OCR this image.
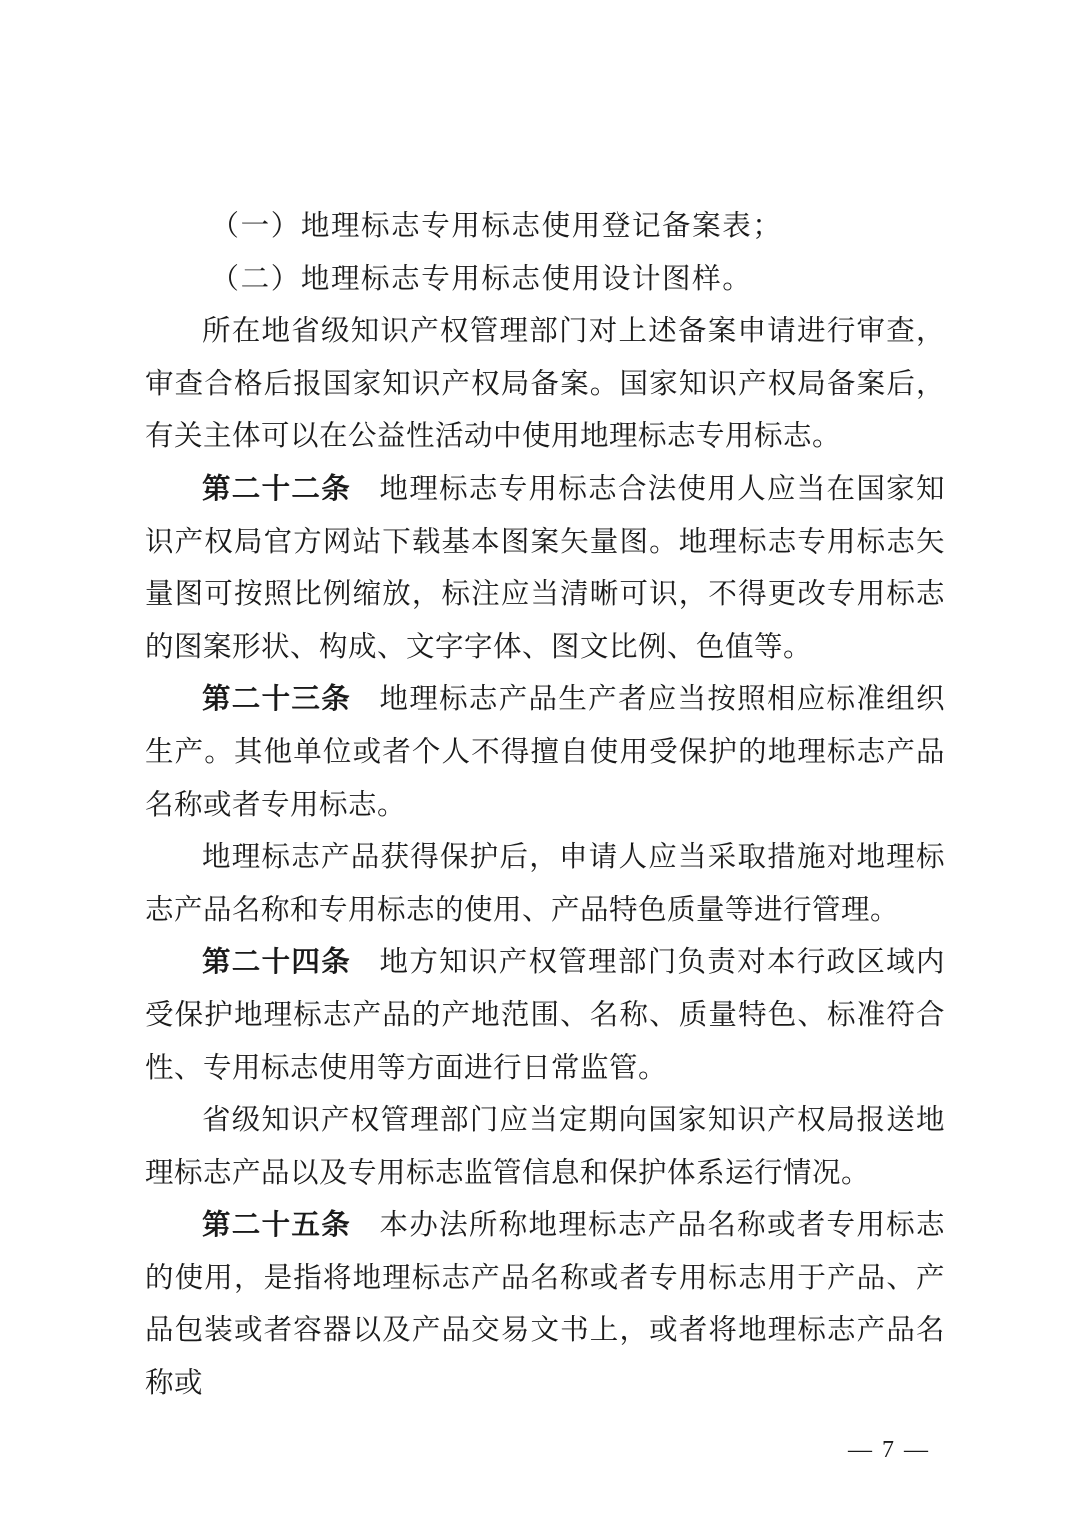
（一）地理标志专用标志使用登记备案表；

（二）地理标志专用标志使用设计图样。

所在地省级知识产权管理部门对上述备案申请进行审查，审查合格后报国家知识产权局备案。国家知识产权局备案后，有关主体可以在公益性活动中使用地理标志专用标志。

第二十二条 地理标志专用标志合法使用人应当在国家知识产权局官方网站下载基本图案矢量图。地理标志专用标志矢量图可按照比例缩放，标注应当清晰可识，不得更改专用标志的图案形状、构成、文字字体、图文比例、色值等。

第二十三条 地理标志产品生产者应当按照相应标准组织生产。其他单位或者个人不得擅自使用受保护的地理标志产品名称或者专用标志。

地理标志产品获得保护后，申请人应当采取措施对地理标志产品名称和专用标志的使用、产品特色质量等进行管理。

第二十四条 地方知识产权管理部门负责对本行政区域内受保护地理标志产品的产地范围、名称、质量特色、标准符合性、专用标志使用等方面进行日常监管。

省级知识产权管理部门应当定期向国家知识产权局报送地理标志产品以及专用标志监管信息和保护体系运行情况。

第二十五条 本办法所称地理标志产品名称或者专用标志的使用，是指将地理标志产品名称或者专用标志用于产品、产品包装或者容器以及产品交易文书上，或者将地理标志产品名称或

— 7 —
